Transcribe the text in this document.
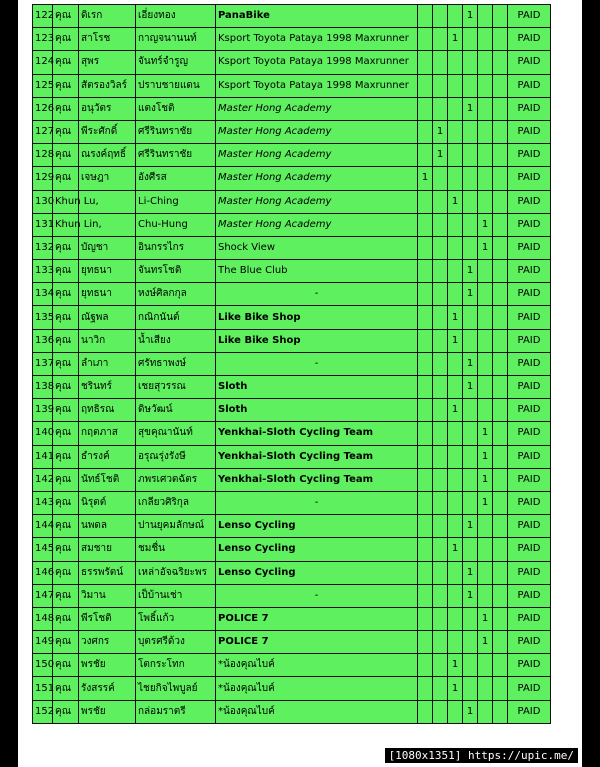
122	คุณ	ดิเรก	เอี่ยงทอง	PanaBike				1			PAID
123	คุณ	สาโรช	กาญจนานนท์	Ksport Toyota Pataya 1998 Maxrunner			1				PAID
124	คุณ	สุพร	จันทร์จำรูญ	Ksport Toyota Pataya 1998 Maxrunner							PAID
125	คุณ	สัตรองวิลร์	ปราบชายแดน	Ksport Toyota Pataya 1998 Maxrunner							PAID
126	คุณ	อนุวัตร	แตงโชติ	Master Hong Academy				1			PAID
127	คุณ	พีระศักดิ์	ศรีรินทราชัย	Master Hong Academy		1					PAID
128	คุณ	ณรงค์ฤทธิ์	ศรีรินทราชัย	Master Hong Academy		1					PAID
129	คุณ	เจษฎา	อังศีรส	Master Hong Academy	1						PAID
130	Khun Lu,		Li-Ching	Master Hong Academy			1				PAID
131	Khun Lin,		Chu-Hung	Master Hong Academy					1		PAID
132	คุณ	บัญชา	อินกรรไกร	Shock View					1		PAID
133	คุณ	ยุทธนา	จันทรโชติ	The Blue Club				1			PAID
134	คุณ	ยุทธนา	หงษ์ศิลกกุล	-				1			PAID
135	คุณ	ณัฐพล	กณิกนันต์	Like Bike Shop			1				PAID
136	คุณ	นาวิก	น้ำเสียง	Like Bike Shop			1				PAID
137	คุณ	ลำเภา	ศรัทธาพงษ์	-				1			PAID
138	คุณ	ชรินทร์	เชยสุวรรณ	Sloth				1			PAID
139	คุณ	ฤทธิรณ	ดิษวัฒน์	Sloth			1				PAID
140	คุณ	กฤตภาส	สุขคุณานันท์	Yenkhai-Sloth Cycling Team					1		PAID
141	คุณ	ธำรงค์	อรุณรุ่งรังษี	Yenkhai-Sloth Cycling Team					1		PAID
142	คุณ	นัทธ์โชติ	ภพรเศวตฉัตร	Yenkhai-Sloth Cycling Team					1		PAID
143	คุณ	นิรุตต์	เกลียวศิริกุล	-					1		PAID
144	คุณ	นพดล	ปานยุคมลักษณ์	Lenso Cycling				1			PAID
145	คุณ	สมชาย	ชมชื่น	Lenso Cycling			1				PAID
146	คุณ	ธรรพรัตน์	เหล่าอัจฉริยะพร	Lenso Cycling				1			PAID
147	คุณ	วิมาน	เป็บ้านเช่า	-				1			PAID
148	คุณ	พีรโชติ	โพธิ์แก้ว	POLICE 7					1		PAID
149	คุณ	วงศกร	บุตรศรีด้วง	POLICE 7					1		PAID
150	คุณ	พรชัย	โตกระโทก	*น้องคุณไบค์			1				PAID
151	คุณ	รังสรรค์	ไชยกิจไพบูลย์	*น้องคุณไบค์			1				PAID
152	คุณ	พรชัย	กล่อมราตรี	*น้องคุณไบค์				1			PAID
[1080x1351] https://upic.me/
